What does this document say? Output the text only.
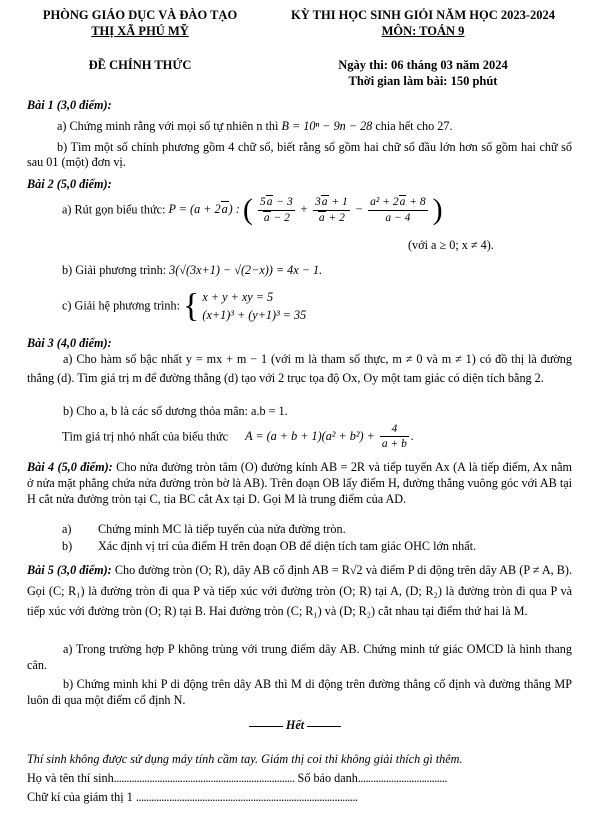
PHÒNG GIÁO DỤC VÀ ĐÀO TẠO
THỊ XÃ PHÚ MỸ
ĐỀ CHÍNH THỨC
KỲ THI HỌC SINH GIỎI NĂM HỌC 2023-2024
MÔN: TOÁN 9
Ngày thi: 06 tháng 03 năm 2024
Thời gian làm bài: 150 phút
Bài 1 (3,0 điểm):
a) Chứng minh rằng với mọi số tự nhiên n thì B = 10ⁿ − 9n − 28 chia hết cho 27.
b) Tìm một số chính phương gồm 4 chữ số, biết rằng số gồm hai chữ số đầu lớn hơn số gồm hai chữ số sau 01 (một) đơn vị.
Bài 2 (5,0 điểm):
a) Rút gọn biểu thức: P = (a + 2a) : ( $\frac{5a - 3}{a - 2} + \frac{3a + 1}{a + 2} - \frac{\text{a² + 2a + 8}}{a - 4}$ )
(với a ≥ 0; x ≠ 4).
b) Giải phương trình: 3(√(3x+1) − √(2−x)) = 4x − 1.
c) Giải hệ phương trình: { x + y + xy = 5
(x+1)³ + (y+1)³ = 35
Bài 3 (4,0 điểm):
a) Cho hàm số bậc nhất y = mx + m − 1 (với m là tham số thực, m ≠ 0 và m ≠ 1) có đồ thị là đường thẳng (d). Tìm giá trị m để đường thẳng (d) tạo với 2 trục tọa độ Ox, Oy một tam giác có diện tích bằng 2.
b) Cho a, b là các số dương thỏa mãn: a.b = 1.
Tìm giá trị nhỏ nhất của biểu thức $A = (a + b + 1)(a^2 + b^2) + \frac{4}{a + b}$ .
Bài 4 (5,0 điểm): Cho nửa đường tròn tâm (O) đường kính AB = 2R và tiếp tuyến Ax (A là tiếp điểm, Ax nằm ở nửa mặt phẳng chứa nửa đường tròn bờ là AB). Trên đoạn OB lấy điểm H, đường thẳng vuông góc với AB tại H cắt nửa đường tròn tại C, tia BC cắt Ax tại D. Gọi M là trung điểm của AD.
a) Chứng minh MC là tiếp tuyến của nửa đường tròn.
b) Xác định vị trí của điểm H trên đoạn OB để diện tích tam giác OHC lớn nhất.
Bài 5 (3,0 điểm): Cho đường tròn (O; R), dây AB cố định AB = R√2 và điểm P di động trên dây AB (P ≠ A, B). Gọi (C; R₁) là đường tròn đi qua P và tiếp xúc với đường tròn (O; R) tại A, (D; R₂) là đường tròn đi qua P và tiếp xúc với đường tròn (O; R) tại B. Hai đường tròn (C; R₁) và (D; R₂) cắt nhau tại điểm thứ hai là M.
a) Trong trường hợp P không trùng với trung điểm dây AB. Chứng minh tứ giác OMCD là hình thang cân.
b) Chứng minh khi P di động trên dây AB thì M di động trên đường thẳng cố định và đường thẳng MP luôn đi qua một điểm cố định N.
Hết
Thí sinh không được sử dụng máy tính cầm tay. Giám thị coi thi không giải thích gì thêm.
Họ và tên thí sinh....................................................................... Số báo danh...................................
Chữ kí của giám thị 1 .......................................................................................
